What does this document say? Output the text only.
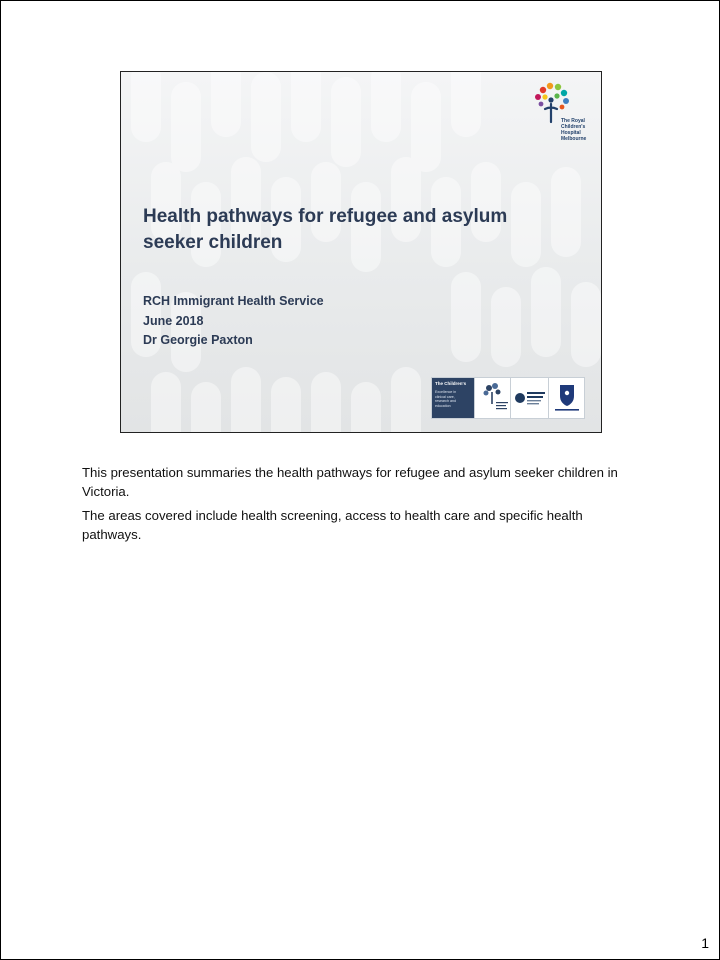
The Royal
Children's
Hospital
Melbourne
Health pathways for refugee and asylum
seeker children
RCH Immigrant Health Service
June 2018
Dr Georgie Paxton
The Children's
Excellence in
clinical care,
research and
education

This presentation summaries the health pathways for refugee and asylum seeker children in Victoria.

The areas covered include health screening, access to health care and specific health pathways.

1
